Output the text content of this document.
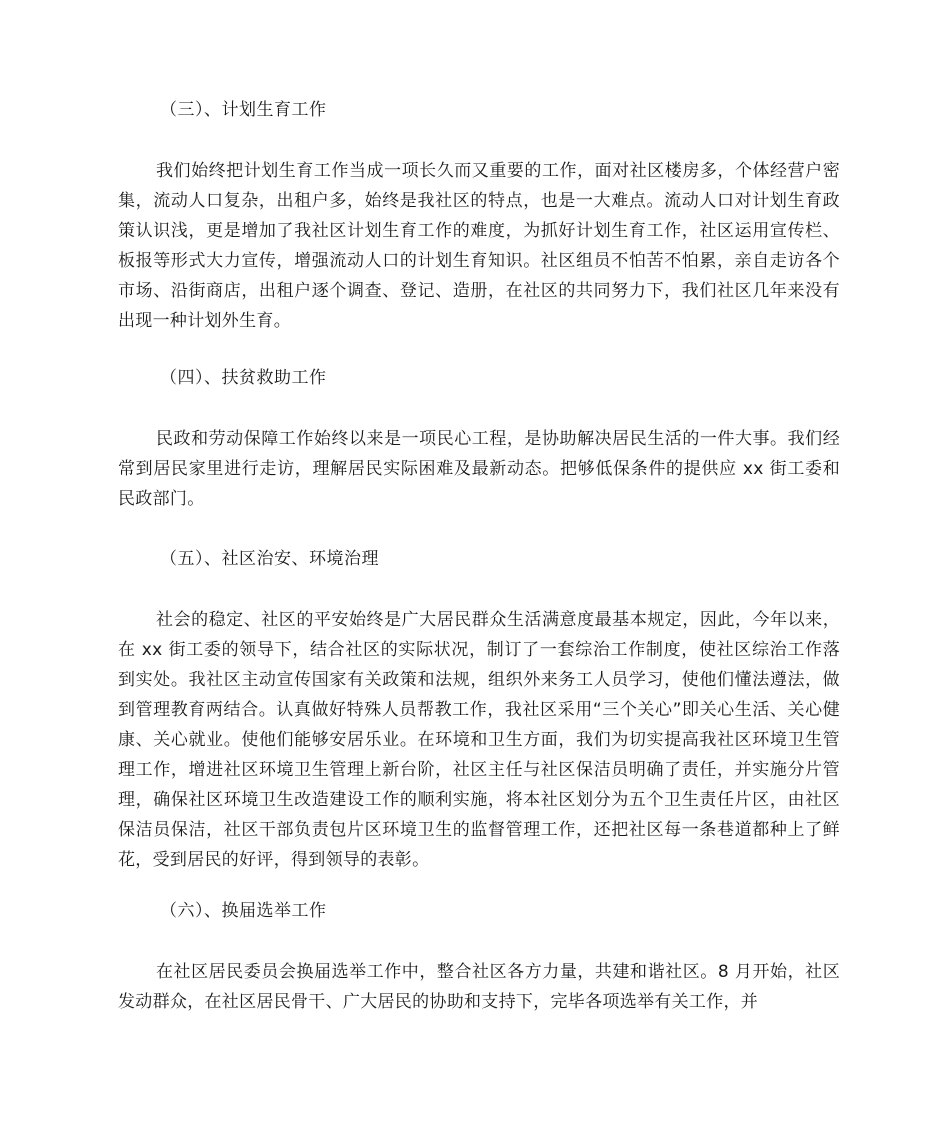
（三）、计划生育工作
我们始终把计划生育工作当成一项长久而又重要的工作，面对社区楼房多，个体经营户密集，流动人口复杂，出租户多，始终是我社区的特点，也是一大难点。流动人口对计划生育政策认识浅，更是增加了我社区计划生育工作的难度，为抓好计划生育工作，社区运用宣传栏、板报等形式大力宣传，增强流动人口的计划生育知识。社区组员不怕苦不怕累，亲自走访各个市场、沿街商店，出租户逐个调查、登记、造册，在社区的共同努力下，我们社区几年来没有出现一种计划外生育。
（四）、扶贫救助工作
民政和劳动保障工作始终以来是一项民心工程，是协助解决居民生活的一件大事。我们经常到居民家里进行走访，理解居民实际困难及最新动态。把够低保条件的提供应 xx 街工委和民政部门。
（五）、社区治安、环境治理
社会的稳定、社区的平安始终是广大居民群众生活满意度最基本规定，因此，今年以来，在 xx 街工委的领导下，结合社区的实际状况，制订了一套综治工作制度，使社区综治工作落到实处。我社区主动宣传国家有关政策和法规，组织外来务工人员学习，使他们懂法遵法，做到管理教育两结合。认真做好特殊人员帮教工作，我社区采用“三个关心”即关心生活、关心健康、关心就业。使他们能够安居乐业。在环境和卫生方面，我们为切实提高我社区环境卫生管理工作，增进社区环境卫生管理上新台阶，社区主任与社区保洁员明确了责任，并实施分片管理，确保社区环境卫生改造建设工作的顺利实施，将本社区划分为五个卫生责任片区，由社区保洁员保洁，社区干部负责包片区环境卫生的监督管理工作，还把社区每一条巷道都种上了鲜花，受到居民的好评，得到领导的表彰。
（六）、换届选举工作
在社区居民委员会换届选举工作中，整合社区各方力量，共建和谐社区。8 月开始，社区发动群众，在社区居民骨干、广大居民的协助和支持下，完毕各项选举有关工作，并
